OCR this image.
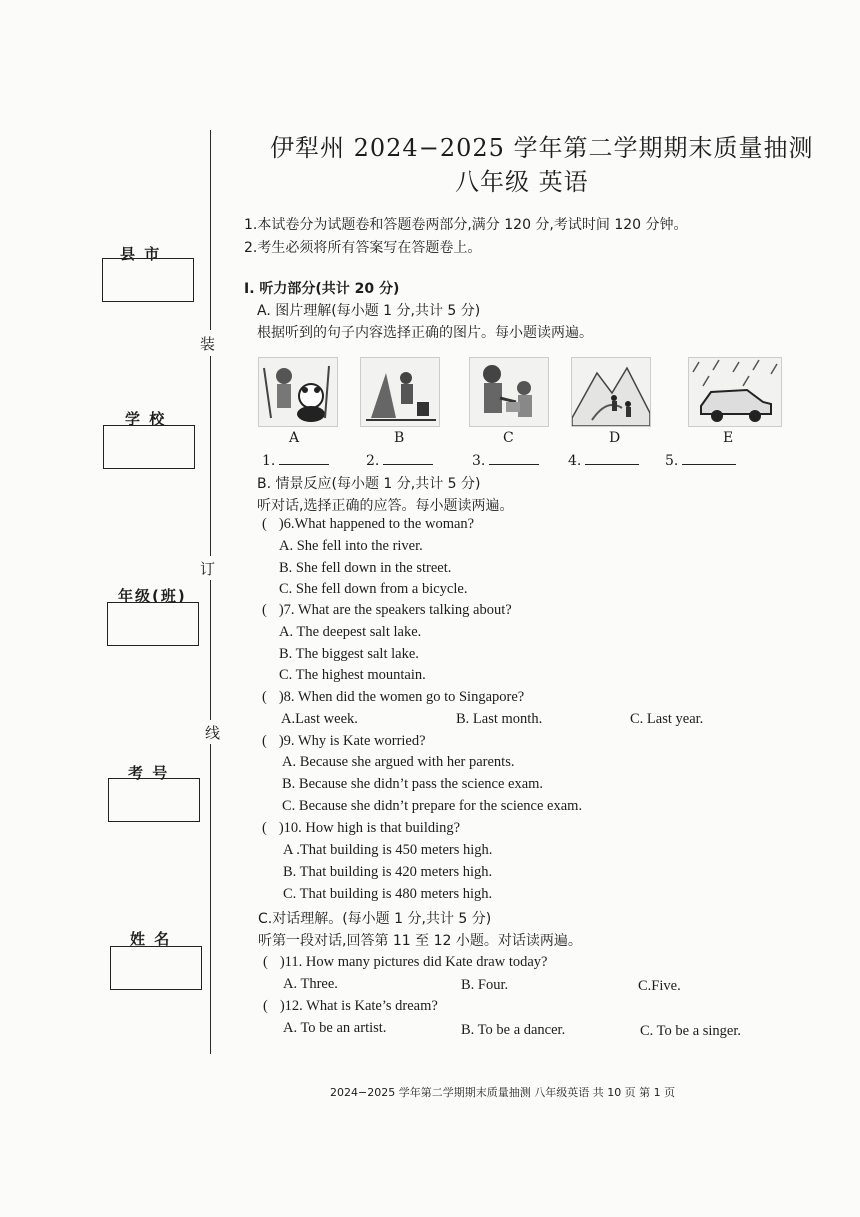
县 市
学 校
年级(班)
考 号
姓 名
装
订
线
伊犁州 2024−2025 学年第二学期期末质量抽测
八年级 英语
1.本试卷分为试题卷和答题卷两部分,满分 120 分,考试时间 120 分钟。
2.考生必须将所有答案写在答题卷上。
I. 听力部分(共计 20 分)
A. 图片理解(每小题 1 分,共计 5 分)
根据听到的句子内容选择正确的图片。每小题读两遍。
A	B	C	D	E
1.	2.	3.	4.	5.
B. 情景反应(每小题 1 分,共计 5 分)
听对话,选择正确的应答。每小题读两遍。
( )6.What happened to the woman?
A. She fell into the river.
B. She fell down in the street.
C. She fell down from a bicycle.
( )7. What are the speakers talking about?
A. The deepest salt lake.
B. The biggest salt lake.
C. The highest mountain.
( )8. When did the women go to Singapore?
A.Last week.	B. Last month.	C. Last year.
( )9. Why is Kate worried?
A. Because she argued with her parents.
B. Because she didn’t pass the science exam.
C. Because she didn’t prepare for the science exam.
( )10. How high is that building?
A .That building is 450 meters high.
B. That building is 420 meters high.
C. That building is 480 meters high.
C.对话理解。(每小题 1 分,共计 5 分)
听第一段对话,回答第 11 至 12 小题。对话读两遍。
( )11. How many pictures did Kate draw today?
A. Three.	B. Four.	C.Five.
( )12. What is Kate’s dream?
A. To be an artist.	B. To be a dancer.	C. To be a singer.
2024−2025 学年第二学期期末质量抽测 八年级英语 共 10 页 第 1 页
